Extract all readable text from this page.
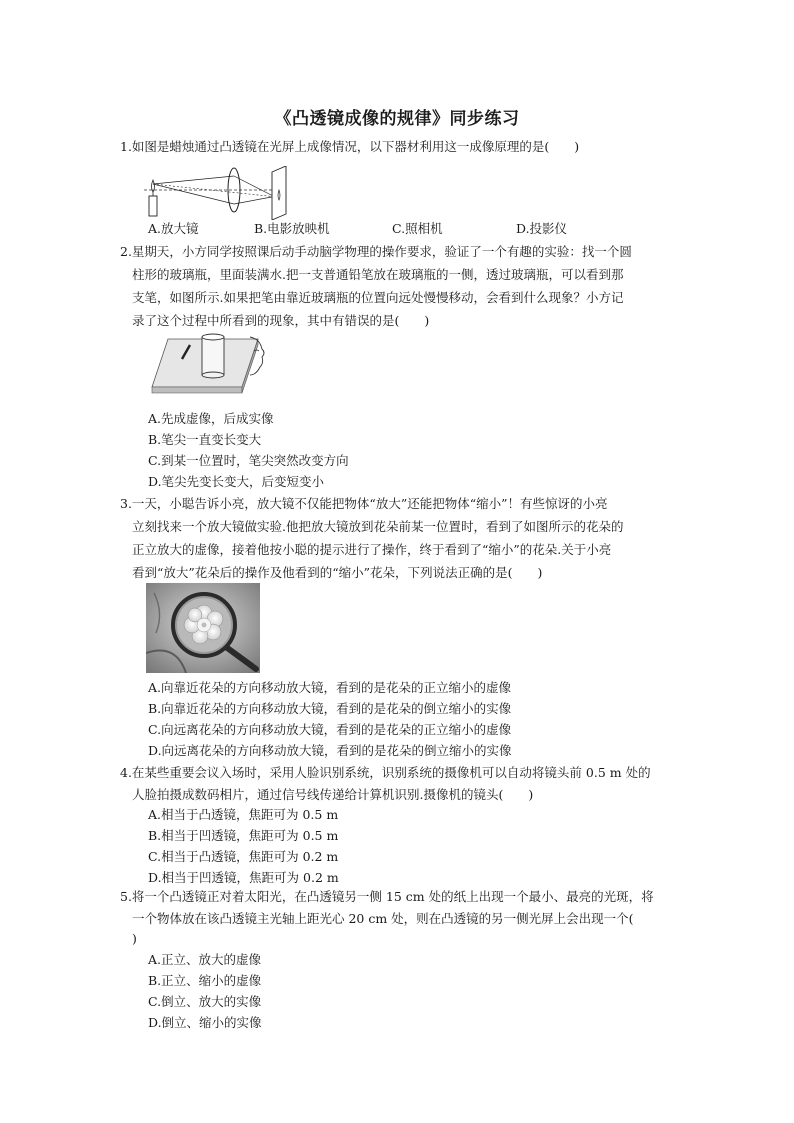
《凸透镜成像的规律》同步练习
1.如图是蜡烛通过凸透镜在光屏上成像情况，以下器材利用这一成像原理的是(　　)
A.放大镜	B.电影放映机	C.照相机	D.投影仪
2.星期天，小方同学按照课后动手动脑学物理的操作要求，验证了一个有趣的实验：找一个圆
柱形的玻璃瓶，里面装满水.把一支普通铅笔放在玻璃瓶的一侧，透过玻璃瓶，可以看到那
支笔，如图所示.如果把笔由靠近玻璃瓶的位置向远处慢慢移动，会看到什么现象？小方记
录了这个过程中所看到的现象，其中有错误的是(　　)
A.先成虚像，后成实像
B.笔尖一直变长变大
C.到某一位置时，笔尖突然改变方向
D.笔尖先变长变大，后变短变小
3.一天，小聪告诉小亮，放大镜不仅能把物体“放大”还能把物体“缩小”！有些惊讶的小亮
立刻找来一个放大镜做实验.他把放大镜放到花朵前某一位置时，看到了如图所示的花朵的
正立放大的虚像，接着他按小聪的提示进行了操作，终于看到了“缩小”的花朵.关于小亮
看到“放大”花朵后的操作及他看到的“缩小”花朵，下列说法正确的是(　　)
A.向靠近花朵的方向移动放大镜，看到的是花朵的正立缩小的虚像
B.向靠近花朵的方向移动放大镜，看到的是花朵的倒立缩小的实像
C.向远离花朵的方向移动放大镜，看到的是花朵的正立缩小的虚像
D.向远离花朵的方向移动放大镜，看到的是花朵的倒立缩小的实像
4.在某些重要会议入场时，采用人脸识别系统，识别系统的摄像机可以自动将镜头前 0.5 m 处的
人脸拍摄成数码相片，通过信号线传递给计算机识别.摄像机的镜头(　　)
A.相当于凸透镜，焦距可为 0.5 m
B.相当于凹透镜，焦距可为 0.5 m
C.相当于凸透镜，焦距可为 0.2 m
D.相当于凹透镜，焦距可为 0.2 m
5.将一个凸透镜正对着太阳光，在凸透镜另一侧 15 cm 处的纸上出现一个最小、最亮的光斑，将
一个物体放在该凸透镜主光轴上距光心 20 cm 处，则在凸透镜的另一侧光屏上会出现一个(
)
A.正立、放大的虚像
B.正立、缩小的虚像
C.倒立、放大的实像
D.倒立、缩小的实像
